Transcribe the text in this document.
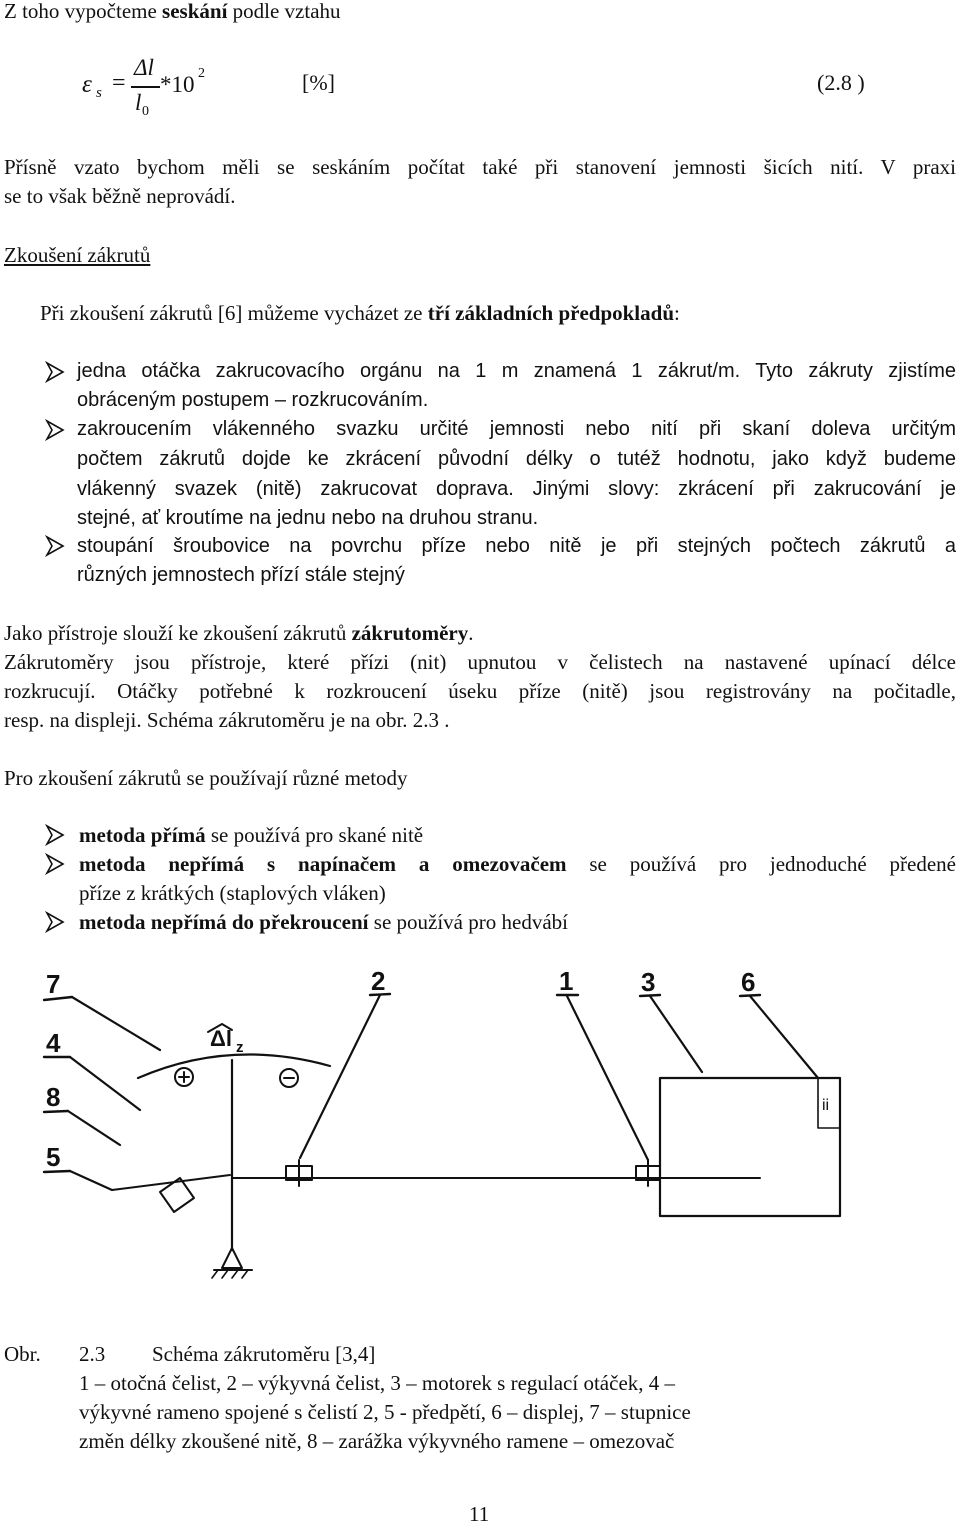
Z toho vypočteme seskání podle vztahu
ε s =
Δl
l 0
*10 2	[%]	(2.8 )
Přísně vzato bychom měli se seskáním počítat také při stanovení jemnosti šicích nití. V praxi
se to však běžně neprovádí.
Zkoušení zákrutů
Při zkoušení zákrutů [6] můžeme vycházet ze tří základních předpokladů:
jedna otáčka zakrucovacího orgánu na 1 m znamená 1 zákrut/m. Tyto zákruty zjistíme
obráceným postupem – rozkrucováním.
zakroucením vlákenného svazku určité jemnosti nebo nití při skaní doleva určitým
počtem zákrutů dojde ke zkrácení původní délky o tutéž hodnotu, jako když budeme
vlákenný svazek (nitě) zakrucovat doprava. Jinými slovy: zkrácení při zakrucování je
stejné, ať kroutíme na jednu nebo na druhou stranu.
stoupání šroubovice na povrchu příze nebo nitě je při stejných počtech zákrutů a
různých jemnostech přízí stále stejný
Jako přístroje slouží ke zkoušení zákrutů zákrutoměry.
Zákrutoměry jsou přístroje, které přízi (nit) upnutou v čelistech na nastavené upínací délce
rozkrucují. Otáčky potřebné k rozkroucení úseku příze (nitě) jsou registrovány na počitadle,
resp. na displeji. Schéma zákrutoměru je na obr. 2.3 .
Pro zkoušení zákrutů se používají různé metody
metoda přímá se používá pro skané nitě
metoda nepřímá s napínačem a omezovačem se používá pro jednoduché předené
příze z krátkých (staplových vláken)
metoda nepřímá do překroucení se používá pro hedvábí
7
4
8
5
2	1	3	6
Δl z
ii
Obr. 2.3 Schéma zákrutoměru [3,4]
1 – otočná čelist, 2 – výkyvná čelist, 3 – motorek s regulací otáček, 4 –
výkyvné rameno spojené s čelistí 2, 5 - předpětí, 6 – displej, 7 – stupnice
změn délky zkoušené nitě, 8 – zarážka výkyvného ramene – omezovač
11
